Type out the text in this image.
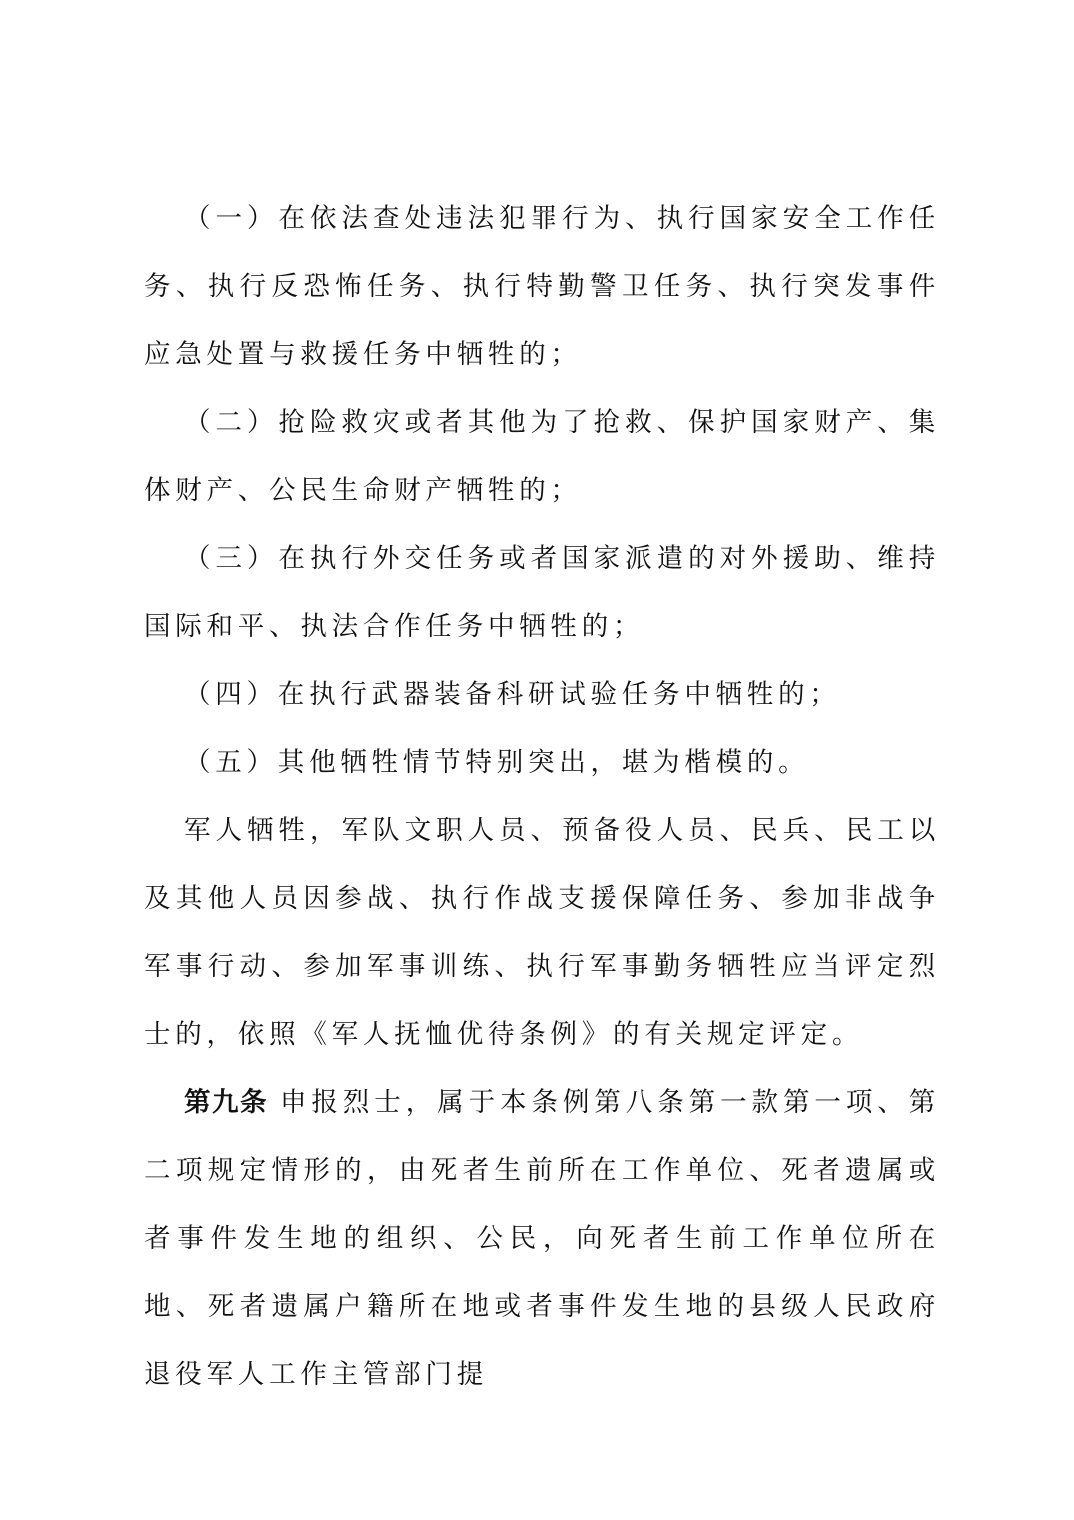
（一）在依法查处违法犯罪行为、执行国家安全工作任务、执行反恐怖任务、执行特勤警卫任务、执行突发事件应急处置与救援任务中牺牲的；

（二）抢险救灾或者其他为了抢救、保护国家财产、集体财产、公民生命财产牺牲的；

（三）在执行外交任务或者国家派遣的对外援助、维持国际和平、执法合作任务中牺牲的；

（四）在执行武器装备科研试验任务中牺牲的；

（五）其他牺牲情节特别突出，堪为楷模的。

军人牺牲，军队文职人员、预备役人员、民兵、民工以及其他人员因参战、执行作战支援保障任务、参加非战争军事行动、参加军事训练、执行军事勤务牺牲应当评定烈士的，依照《军人抚恤优待条例》的有关规定评定。

第九条 申报烈士，属于本条例第八条第一款第一项、第二项规定情形的，由死者生前所在工作单位、死者遗属或者事件发生地的组织、公民，向死者生前工作单位所在地、死者遗属户籍所在地或者事件发生地的县级人民政府退役军人工作主管部门提
